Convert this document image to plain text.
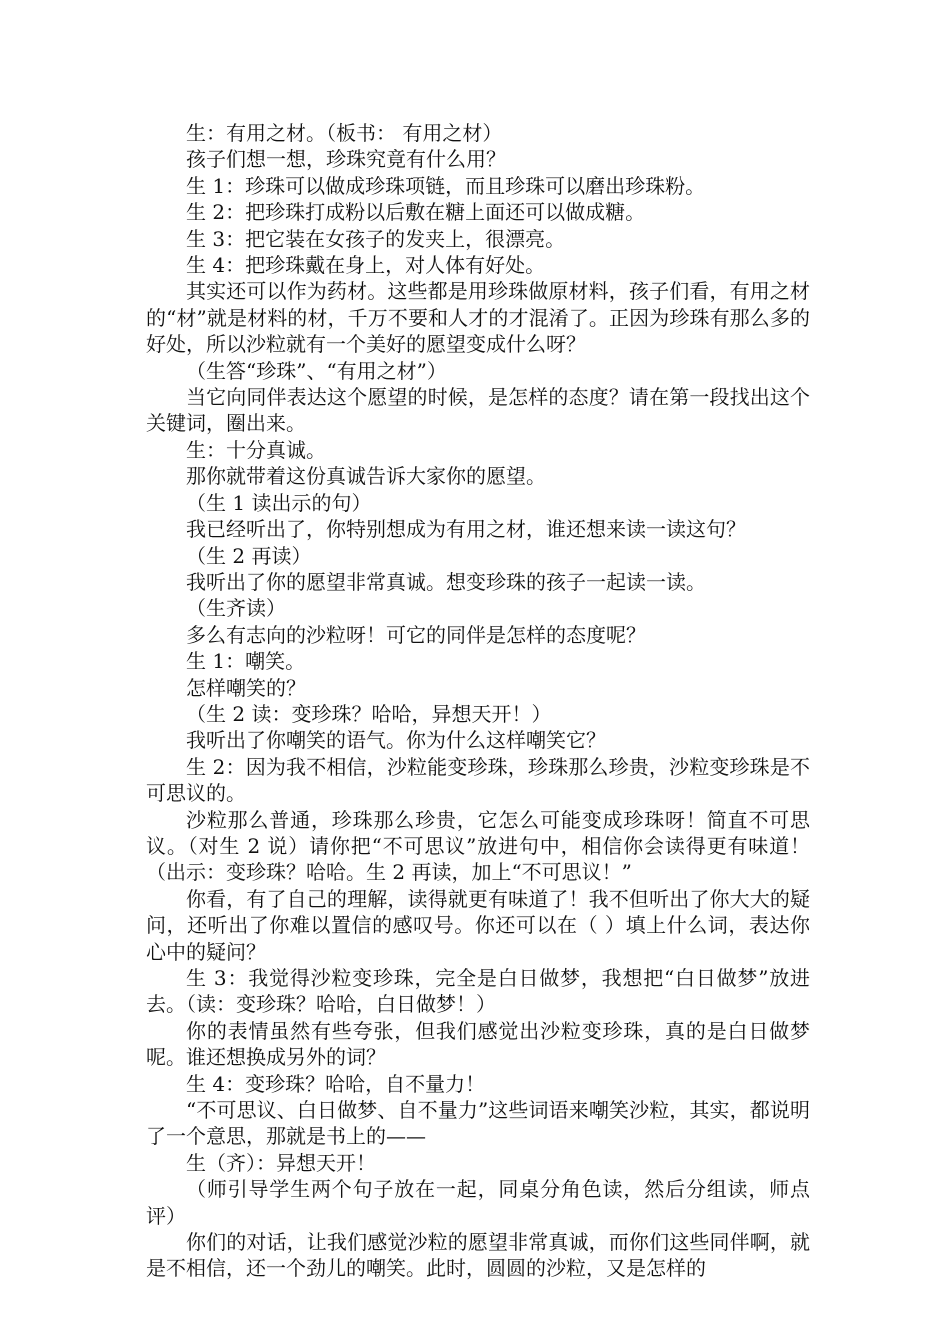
生：有用之材。（板书： 有用之材）

孩子们想一想，珍珠究竟有什么用？

生 1：珍珠可以做成珍珠项链，而且珍珠可以磨出珍珠粉。

生 2：把珍珠打成粉以后敷在糖上面还可以做成糖。

生 3：把它装在女孩子的发夹上，很漂亮。

生 4：把珍珠戴在身上，对人体有好处。

其实还可以作为药材。这些都是用珍珠做原材料，孩子们看，有用之材的“材”就是材料的材，千万不要和人才的才混淆了。正因为珍珠有那么多的好处，所以沙粒就有一个美好的愿望变成什么呀？

（生答“珍珠”、“有用之材”）

当它向同伴表达这个愿望的时候，是怎样的态度？请在第一段找出这个关键词，圈出来。

生：十分真诚。

那你就带着这份真诚告诉大家你的愿望。

（生 1 读出示的句）

我已经听出了，你特别想成为有用之材，谁还想来读一读这句？

（生 2 再读）

我听出了你的愿望非常真诚。想变珍珠的孩子一起读一读。

（生齐读）

多么有志向的沙粒呀！可它的同伴是怎样的态度呢？

生 1：嘲笑。

怎样嘲笑的？

（生 2 读：变珍珠？哈哈，异想天开！）

我听出了你嘲笑的语气。你为什么这样嘲笑它？

生 2：因为我不相信，沙粒能变珍珠，珍珠那么珍贵，沙粒变珍珠是不可思议的。

沙粒那么普通，珍珠那么珍贵，它怎么可能变成珍珠呀！简直不可思议。（对生 2 说）请你把“不可思议”放进句中，相信你会读得更有味道！（出示：变珍珠？哈哈。生 2 再读，加上“不可思议！”

你看，有了自己的理解，读得就更有味道了！我不但听出了你大大的疑问，还听出了你难以置信的感叹号。你还可以在（ ）填上什么词，表达你心中的疑问？

生 3：我觉得沙粒变珍珠，完全是白日做梦，我想把“白日做梦”放进去。（读：变珍珠？哈哈，白日做梦！）

你的表情虽然有些夸张，但我们感觉出沙粒变珍珠，真的是白日做梦呢。谁还想换成另外的词？

生 4：变珍珠？哈哈，自不量力！

“不可思议、白日做梦、自不量力”这些词语来嘲笑沙粒，其实，都说明了一个意思，那就是书上的——

生（齐）：异想天开！

（师引导学生两个句子放在一起，同桌分角色读，然后分组读，师点评）

你们的对话，让我们感觉沙粒的愿望非常真诚，而你们这些同伴啊，就是不相信，还一个劲儿的嘲笑。此时，圆圆的沙粒，又是怎样的
